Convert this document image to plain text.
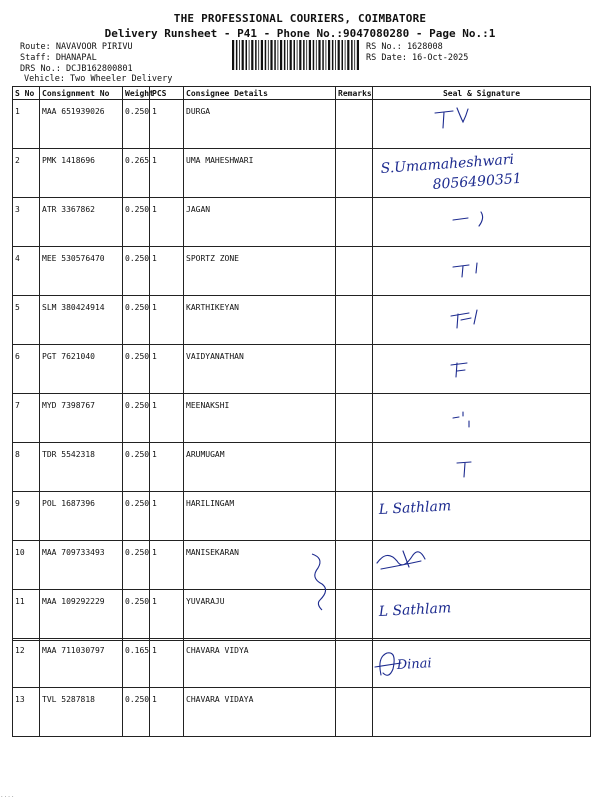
THE PROFESSIONAL COURIERS, COIMBATORE
Delivery Runsheet - P41 - Phone No.:9047080280 - Page No.:1
Route: NAVAVOOR PIRIVU
Staff: DHANAPAL
DRS No.: DCJB162800801
Vehicle: Two Wheeler Delivery
RS No.: 1628008
RS Date: 16-Oct-2025
S No	Consignment No	Weight	PCS	Consignee Details	Remarks	Seal & Signature
1	MAA 651939026	0.250	1	DURGA		

2	PMK 1418696	0.265	1	UMA MAHESHWARI		S.Umamaheshwari
8056490351

3	ATR 3367862	0.250	1	JAGAN		

4	MEE 530576470	0.250	1	SPORTZ ZONE		

5	SLM 380424914	0.250	1	KARTHIKEYAN		

6	PGT 7621040	0.250	1	VAIDYANATHAN		

7	MYD 7398767	0.250	1	MEENAKSHI		

8	TDR 5542318	0.250	1	ARUMUGAM		

9	POL 1687396	0.250	1	HARILINGAM		L Sathlam

10	MAA 709733493	0.250	1	MANISEKARAN		

11	MAA 109292229	0.250	1	YUVARAJU		L Sathlam

12	MAA 711030797	0.165	1	CHAVARA VIDYA		Dinai

13	TVL 5287818	0.250	1	CHAVARA VIDAYA		
....
